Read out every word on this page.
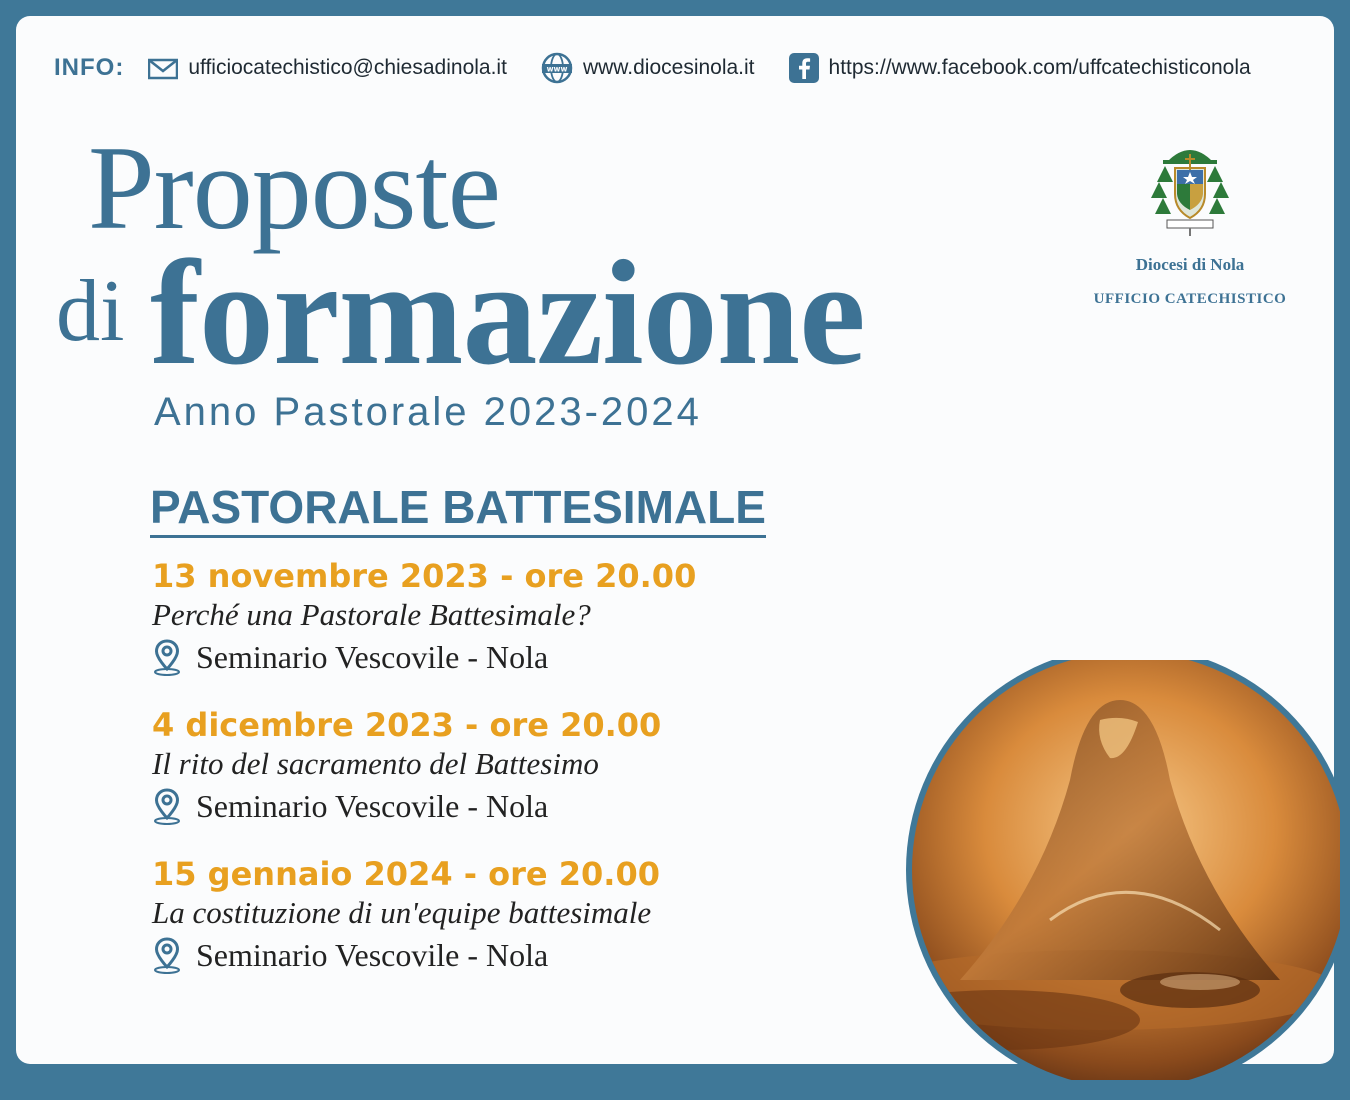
INFO:	ufficiocatechistico@chiesadinola.it	www www.diocesinola.it	https://www.facebook.com/uffcatechisticonola
Proposte
di formazione
Anno Pastorale 2023-2024
PASTORALE BATTESIMALE
13 novembre 2023 - ore 20.00
Perché una Pastorale Battesimale?
Seminario Vescovile - Nola
4 dicembre 2023 - ore 20.00
Il rito del sacramento del Battesimo
Seminario Vescovile - Nola
15 gennaio 2024 - ore 20.00
La costituzione di un'equipe battesimale
Seminario Vescovile - Nola
Diocesi di Nola
UFFICIO CATECHISTICO
